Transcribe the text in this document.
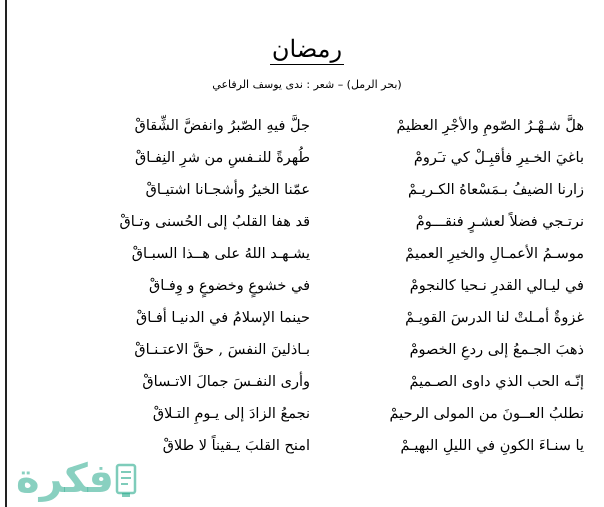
رمضان
(بحر الرمل) – شعر : ندى يوسف الرفاعي
هلَّ شـهْـرُ الصّومِ والأجْرِ العظيمْ
جلَّ فيهِ الصّبرُ وانفضَّ الشِّقاقْ
باغيَ الخـيرِ فأقبِـلْ كي تـَرومْ
طُهرةً للنـفسِ من شرِ النِفـاقْ
زارنا الضيفُ بـمَسْعاهُ الكـريـمْ
عمّنا الخيرُ وأشجـانا اشتيـاقْ
نرتـجي فضلاً لعشـرٍ فنقـــومْ
قد هفا القلبُ إلى الحُسنى وتـاقْ
موسـمُ الأعمـالِ والخيرِ العميمْ
يشـهـد اللهُ على هــذا السبـاقْ
في ليـالي القدرِ نـحيا كالنجومْ
في خشوعٍ وخضوعٍ و وِفـاقْ
غزوةٌ أمـلتْ لنا الدرسَ القويـمْ
حينما الإسلامُ في الدنيـا أفـاقْ
ذهبَ الجـمعُ إلى ردعِ الخصومْ
بـاذلينَ النفسَ , حقَّ الاعتـنـاقْ
إنّـه الحب الذي داوى الصـميمْ
وأرى النفـسَ جمالَ الاتـساقْ
نطلبُ العــونَ من المولى الرحيمْ
نجمعُ الزادَ إلى يـومِ التـلاقْ
يا سنـاءَ الكونِ في الليلِ البهيـمْ
امنح القلبَ يـقيناً لا طلاقْ
فكرة
